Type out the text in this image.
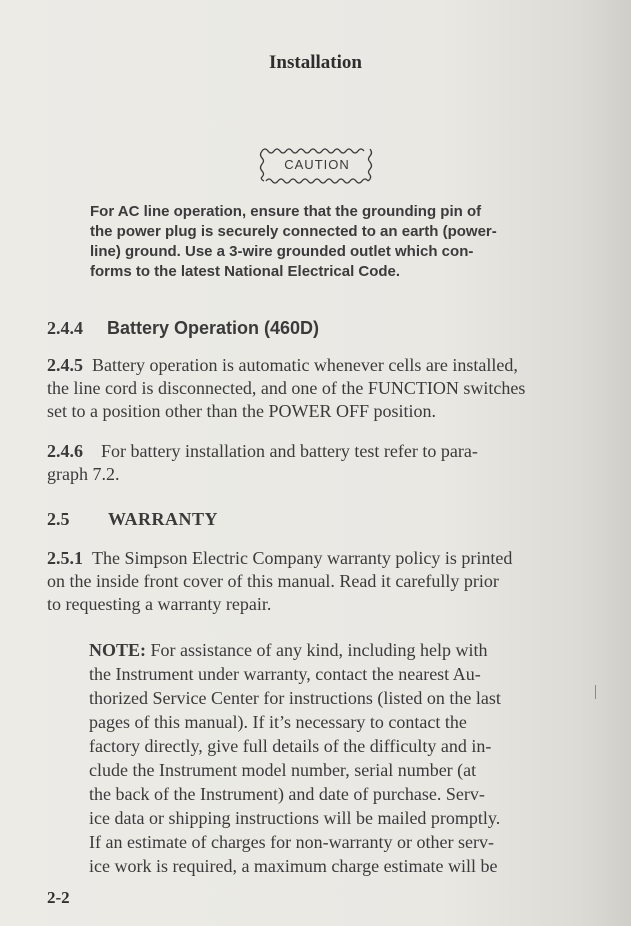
Installation
CAUTION
For AC line operation, ensure that the grounding pin of
the power plug is securely connected to an earth (power-
line) ground. Use a 3-wire grounded outlet which con-
forms to the latest National Electrical Code.
2.4.4 Battery Operation (460D)
2.4.5 Battery operation is automatic whenever cells are installed,
the line cord is disconnected, and one of the FUNCTION switches
set to a position other than the POWER OFF position.
2.4.6 For battery installation and battery test refer to para-
graph 7.2.
2.5 WARRANTY
2.5.1 The Simpson Electric Company warranty policy is printed
on the inside front cover of this manual. Read it carefully prior
to requesting a warranty repair.
NOTE: For assistance of any kind, including help with
the Instrument under warranty, contact the nearest Au-
thorized Service Center for instructions (listed on the last
pages of this manual). If it’s necessary to contact the
factory directly, give full details of the difficulty and in-
clude the Instrument model number, serial number (at
the back of the Instrument) and date of purchase. Serv-
ice data or shipping instructions will be mailed promptly.
If an estimate of charges for non-warranty or other serv-
ice work is required, a maximum charge estimate will be
2-2
